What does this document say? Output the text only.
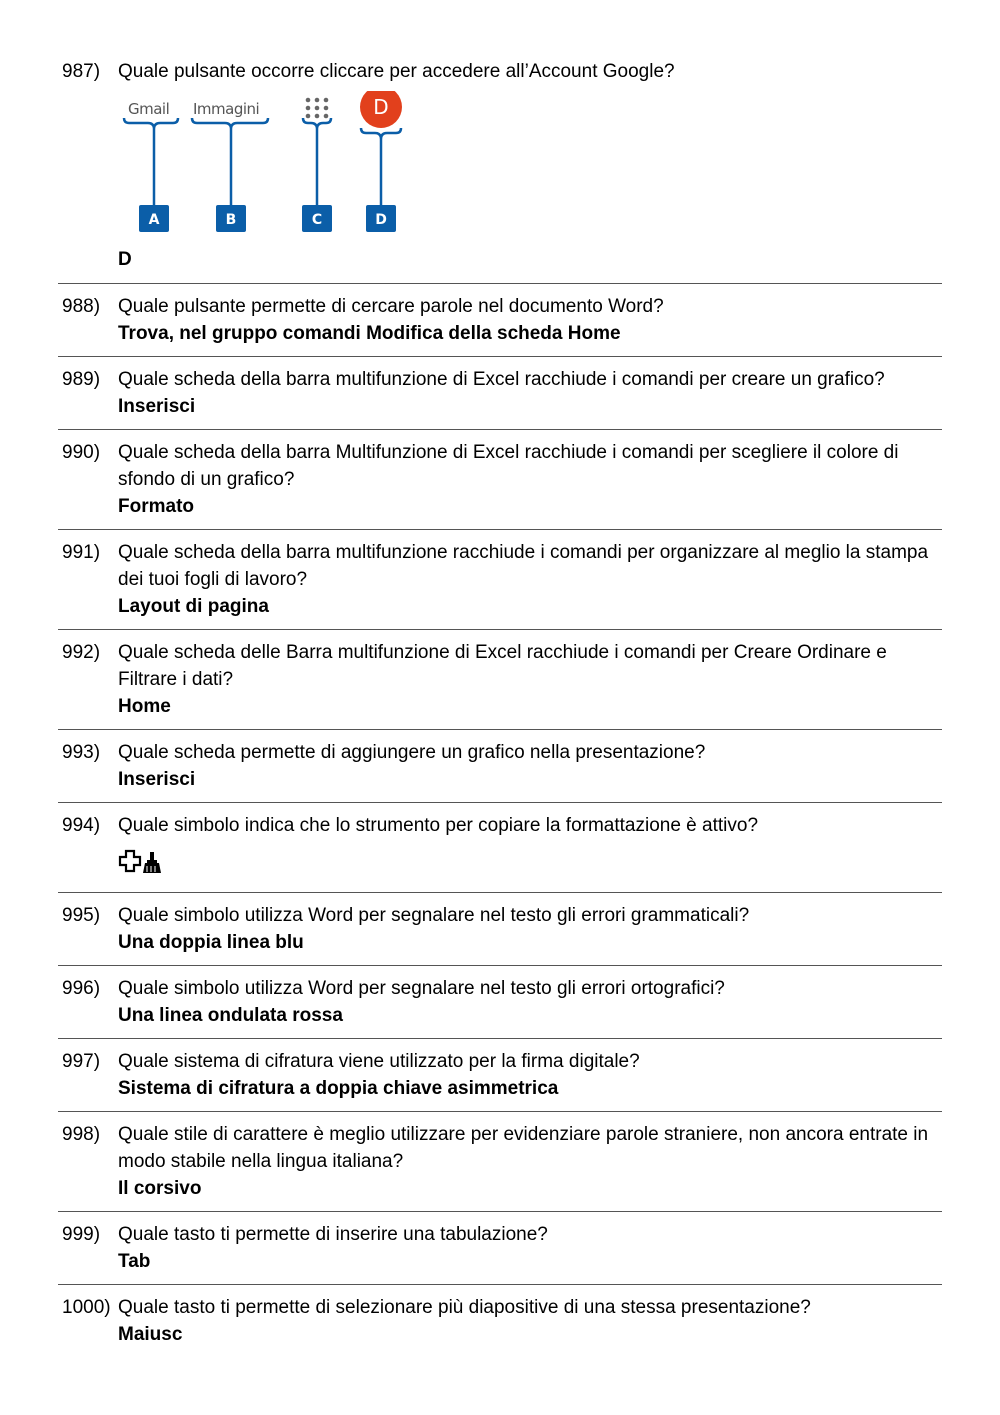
987) Quale pulsante occorre cliccare per accedere all’Account Google?
Gmail Immagini	D
A	B	C	D
D
988) Quale pulsante permette di cercare parole nel documento Word?
Trova, nel gruppo comandi Modifica della scheda Home
989) Quale scheda della barra multifunzione di Excel racchiude i comandi per creare un grafico?
Inserisci
990) Quale scheda della barra Multifunzione di Excel racchiude i comandi per scegliere il colore di sfondo di un grafico?
Formato
991) Quale scheda della barra multifunzione racchiude i comandi per organizzare al meglio la stampa dei tuoi fogli di lavoro?
Layout di pagina
992) Quale scheda delle Barra multifunzione di Excel racchiude i comandi per Creare Ordinare e Filtrare i dati?
Home
993) Quale scheda permette di aggiungere un grafico nella presentazione?
Inserisci
994) Quale simbolo indica che lo strumento per copiare la formattazione è attivo?
995) Quale simbolo utilizza Word per segnalare nel testo gli errori grammaticali?
Una doppia linea blu
996) Quale simbolo utilizza Word per segnalare nel testo gli errori ortografici?
Una linea ondulata rossa
997) Quale sistema di cifratura viene utilizzato per la firma digitale?
Sistema di cifratura a doppia chiave asimmetrica
998) Quale stile di carattere è meglio utilizzare per evidenziare parole straniere, non ancora entrate in modo stabile nella lingua italiana?
Il corsivo
999) Quale tasto ti permette di inserire una tabulazione?
Tab
1000) Quale tasto ti permette di selezionare più diapositive di una stessa presentazione?
Maiusc
